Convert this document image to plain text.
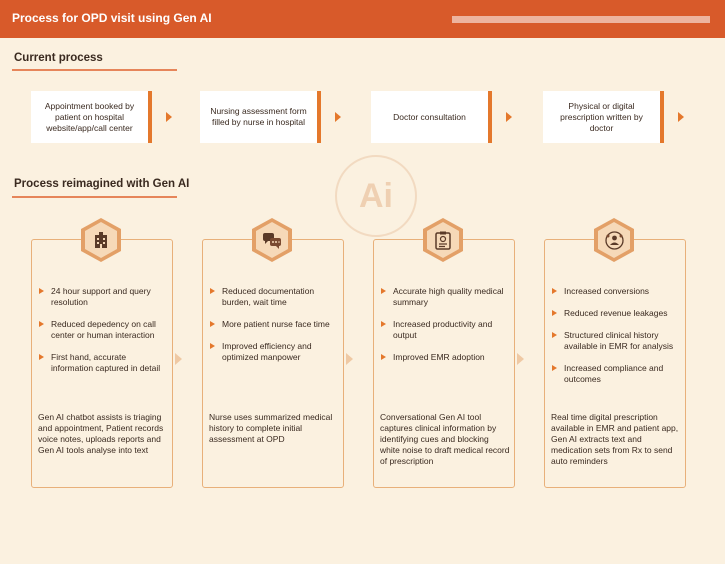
Process for OPD visit using Gen AI
Current process
Appointment booked by patient on hospital website/app/call center
Nursing assessment form filled by nurse in hospital
Doctor consultation
Physical or digital prescription written by doctor
Ai
Process reimagined with Gen AI
24 hour support and query resolution
Reduced depedency on call center or human interaction
First hand, accurate information captured in detail
Gen AI chatbot assists is triaging and appointment, Patient records voice notes, uploads reports and Gen AI tools analyse into text
Reduced documentation burden, wait time
More patient nurse face time
Improved efficiency and optimized manpower
Nurse uses summarized medical history to complete initial assessment at OPD
Accurate high quality medical summary
Increased productivity and output
Improved EMR adoption
Conversational Gen AI tool captures clinical information by identifying cues and blocking white noise to draft medical record of prescription
Increased conversions
Reduced revenue leakages
Structured clinical history available in EMR for analysis
Increased compliance and outcomes
Real time digital prescription available in EMR and patient app, Gen AI extracts text and medication sets from Rx to send auto reminders
